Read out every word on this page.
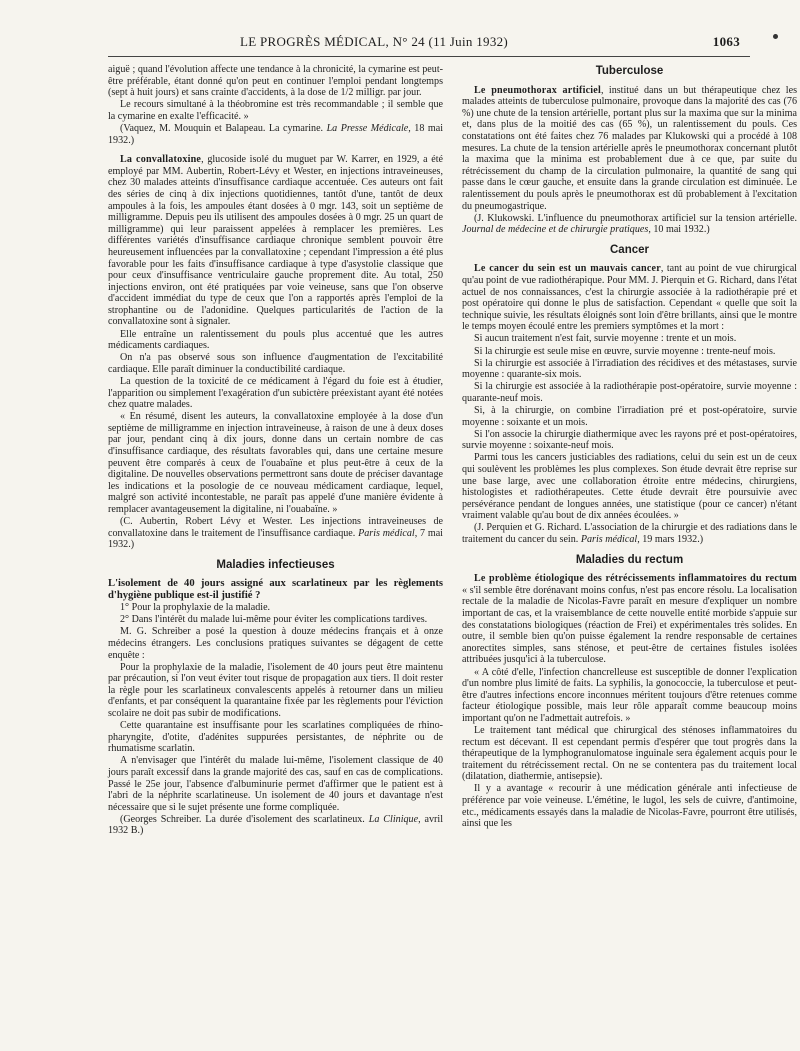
LE PROGRÈS MÉDICAL, N° 24 (11 Juin 1932)	1063

aiguë ; quand l'évolution affecte une tendance à la chronicité, la cymarine est peut-être préférable, étant donné qu'on peut en continuer l'emploi pendant longtemps (sept à huit jours) et sans crainte d'accidents, à la dose de 1/2 milligr. par jour.

Le recours simultané à la théobromine est très recommandable ; il semble que la cymarine en exalte l'efficacité. »

(Vaquez, M. Mouquin et Balapeau. La cymarine. La Presse Médicale, 18 mai 1932.)

La convallatoxine, glucoside isolé du muguet par W. Karrer, en 1929, a été employé par MM. Aubertin, Robert-Lévy et Wester, en injections intraveineuses, chez 30 malades atteints d'insuffisance cardiaque accentuée. Ces auteurs ont fait des séries de cinq à dix injections quotidiennes, tantôt d'une, tantôt de deux ampoules à la fois, les ampoules étant dosées à 0 mgr. 143, soit un septième de milligramme. Depuis peu ils utilisent des ampoules dosées à 0 mgr. 25 un quart de milligramme) qui leur paraissent appelées à remplacer les premières. Les différentes variétés d'insuffisance cardiaque chronique semblent pouvoir être heureusement influencées par la convallatoxine ; cependant l'impression a été plus favorable pour les faits d'insuffisance cardiaque à type d'asystolie classique que pour ceux d'insuffisance ventriculaire gauche proprement dite. Au total, 250 injections environ, ont été pratiquées par voie veineuse, sans que l'on observe d'accident immédiat du type de ceux que l'on a rapportés après l'emploi de la strophantine ou de l'adonidine. Quelques particularités de l'action de la convallatoxine sont à signaler.

Elle entraîne un ralentissement du pouls plus accentué que les autres médicaments cardiaques.

On n'a pas observé sous son influence d'augmentation de l'excitabilité cardiaque. Elle paraît diminuer la conductibilité cardiaque.

La question de la toxicité de ce médicament à l'égard du foie est à étudier, l'apparition ou simplement l'exagération d'un subictère préexistant ayant été notées chez quatre malades.

« En résumé, disent les auteurs, la convallatoxine employée à la dose d'un septième de milligramme en injection intraveineuse, à raison de une à deux doses par jour, pendant cinq à dix jours, donne dans un certain nombre de cas d'insuffisance cardiaque, des résultats favorables qui, dans une certaine mesure peuvent être comparés à ceux de l'ouabaïne et plus peut-être à ceux de la digitaline. De nouvelles observations permettront sans doute de préciser davantage les indications et la posologie de ce nouveau médicament cardiaque, lequel, malgré son activité incontestable, ne paraît pas appelé d'une manière évidente à remplacer avantageusement la digitaline, ni l'ouabaïne. »

(C. Aubertin, Robert Lévy et Wester. Les injections intraveineuses de convallatoxine dans le traitement de l'insuffisance cardiaque. Paris médical, 7 mai 1932.)

Maladies infectieuses

L'isolement de 40 jours assigné aux scarlatineux par les règlements d'hygiène publique est-il justifié ?

1° Pour la prophylaxie de la maladie.

2° Dans l'intérêt du malade lui-même pour éviter les complications tardives.

M. G. Schreiber a posé la question à douze médecins français et à onze médecins étrangers. Les conclusions pratiques suivantes se dégagent de cette enquête :

Pour la prophylaxie de la maladie, l'isolement de 40 jours peut être maintenu par précaution, si l'on veut éviter tout risque de propagation aux tiers. Il doit rester la règle pour les scarlatineux convalescents appelés à retourner dans un milieu d'enfants, et par conséquent la quarantaine fixée par les règlements pour l'éviction scolaire ne doit pas subir de modifications.

Cette quarantaine est insuffisante pour les scarlatines compliquées de rhino-pharyngite, d'otite, d'adénites suppurées persistantes, de néphrite ou de rhumatisme scarlatin.

A n'envisager que l'intérêt du malade lui-même, l'isolement classique de 40 jours paraît excessif dans la grande majorité des cas, sauf en cas de complications. Passé le 25e jour, l'absence d'albuminurie permet d'affirmer que le patient est à l'abri de la néphrite scarlatineuse. Un isolement de 40 jours et davantage n'est nécessaire que si le sujet présente une forme compliquée.

(Georges Schreiber. La durée d'isolement des scarlatineux. La Clinique, avril 1932 B.)

Tuberculose

Le pneumothorax artificiel, institué dans un but thérapeutique chez les malades atteints de tuberculose pulmonaire, provoque dans la majorité des cas (76 %) une chute de la tension artérielle, portant plus sur la maxima que sur la minima et, dans plus de la moitié des cas (65 %), un ralentissement du pouls. Ces constatations ont été faites chez 76 malades par Klukowski qui a procédé à 108 mesures. La chute de la tension artérielle après le pneumothorax concernant plutôt la maxima que la minima est probablement due à ce que, par suite du rétrécissement du champ de la circulation pulmonaire, la quantité de sang qui passe dans le cœur gauche, et ensuite dans la grande circulation est diminuée. Le ralentissement du pouls après le pneumothorax est dû probablement à l'excitation du pneumogastrique.

(J. Klukowski. L'influence du pneumothorax artificiel sur la tension artérielle. Journal de médecine et de chirurgie pratiques, 10 mai 1932.)

Cancer

Le cancer du sein est un mauvais cancer, tant au point de vue chirurgical qu'au point de vue radiothérapique. Pour MM. J. Pierquin et G. Richard, dans l'état actuel de nos connaissances, c'est la chirurgie associée à la radiothérapie pré et post opératoire qui donne le plus de satisfaction. Cependant « quelle que soit la technique suivie, les résultats éloignés sont loin d'être brillants, ainsi que le montre le temps moyen écoulé entre les premiers symptômes et la mort :

Si aucun traitement n'est fait, survie moyenne : trente et un mois.

Si la chirurgie est seule mise en œuvre, survie moyenne : trente-neuf mois.

Si la chirurgie est associée à l'irradiation des récidives et des métastases, survie moyenne : quarante-six mois.

Si la chirurgie est associée à la radiothérapie post-opératoire, survie moyenne : quarante-neuf mois.

Si, à la chirurgie, on combine l'irradiation pré et post-opératoire, survie moyenne : soixante et un mois.

Si l'on associe la chirurgie diathermique avec les rayons pré et post-opératoires, survie moyenne : soixante-neuf mois.

Parmi tous les cancers justiciables des radiations, celui du sein est un de ceux qui soulèvent les problèmes les plus complexes. Son étude devrait être reprise sur une base large, avec une collaboration étroite entre médecins, chirurgiens, histologistes et radiothérapeutes. Cette étude devrait être poursuivie avec persévérance pendant de longues années, une statistique (pour ce cancer) n'étant vraiment valable qu'au bout de dix années écoulées. »

(J. Perquien et G. Richard. L'association de la chirurgie et des radiations dans le traitement du cancer du sein. Paris médical, 19 mars 1932.)

Maladies du rectum

Le problème étiologique des rétrécissements inflammatoires du rectum « s'il semble être dorénavant moins confus, n'est pas encore résolu. La localisation rectale de la maladie de Nicolas-Favre paraît en mesure d'expliquer un nombre important de cas, et la vraisemblance de cette nouvelle entité morbide s'appuie sur des constatations biologiques (réaction de Frei) et expérimentales très solides. En outre, il semble bien qu'on puisse également la rendre responsable de certaines anorectites simples, sans sténose, et peut-être de certaines fistules isolées attribuées jusqu'ici à la tuberculose.

« A côté d'elle, l'infection chancrelleuse est susceptible de donner l'explication d'un nombre plus limité de faits. La syphilis, la gonococcie, la tuberculose et peut-être d'autres infections encore inconnues méritent toujours d'être retenues comme facteur étiologique possible, mais leur rôle apparaît comme beaucoup moins important qu'on ne l'admettait autrefois. »

Le traitement tant médical que chirurgical des sténoses inflammatoires du rectum est décevant. Il est cependant permis d'espérer que tout progrès dans la thérapeutique de la lymphogranulomatose inguinale sera également acquis pour le traitement du rétrécissement rectal. On ne se contentera pas du traitement local (dilatation, diathermie, antisepsie).

Il y a avantage « recourir à une médication générale anti infectieuse de préférence par voie veineuse. L'émétine, le lugol, les sels de cuivre, d'antimoine, etc., médicaments essayés dans la maladie de Nicolas-Favre, pourront être utilisés, ainsi que les
